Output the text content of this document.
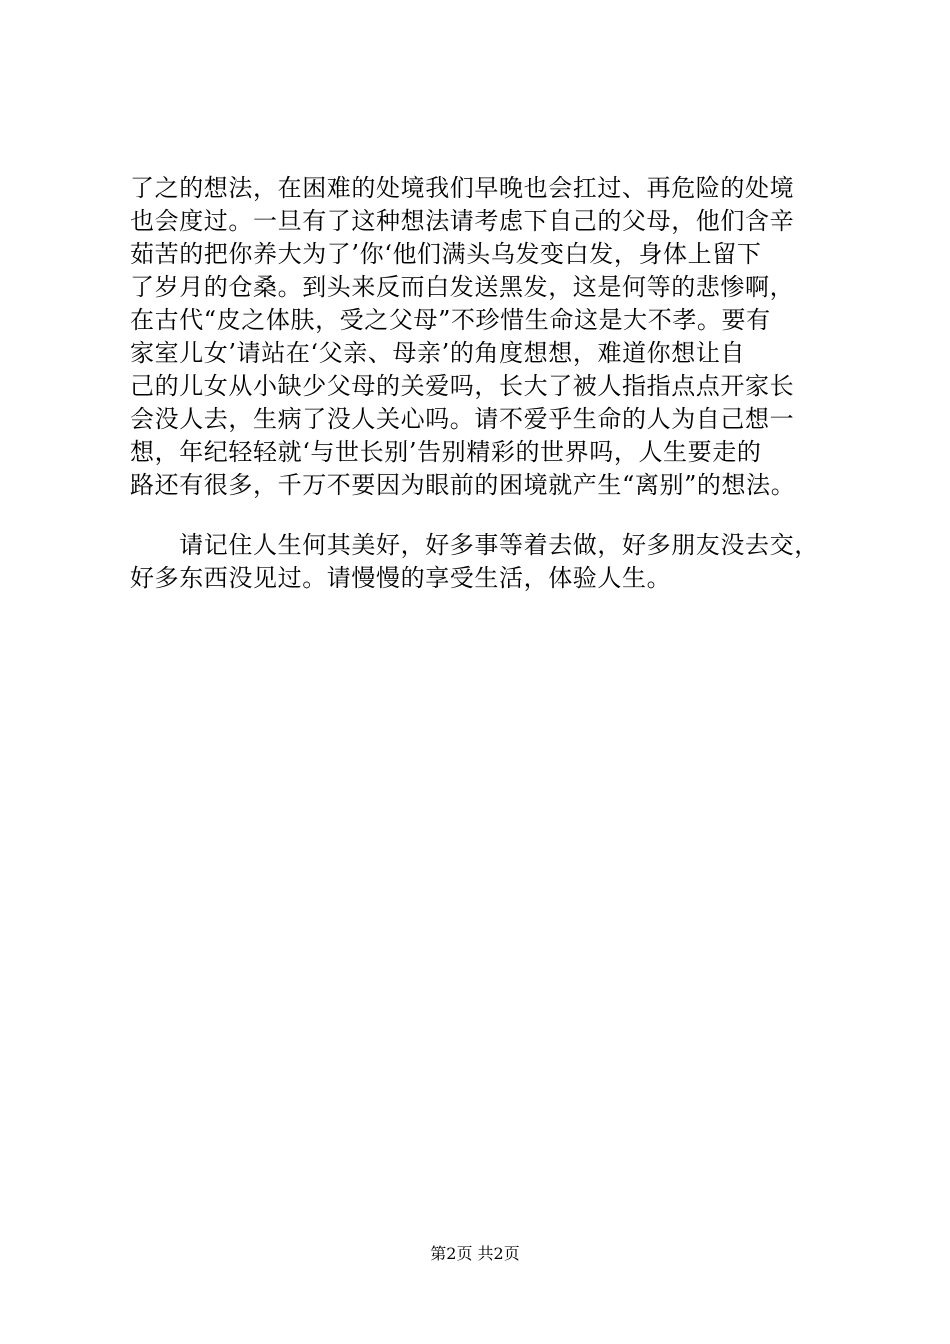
了之的想法，在困难的处境我们早晚也会扛过、再危险的处境
也会度过。一旦有了这种想法请考虑下自己的父母，他们含辛
茹苦的把你养大为了’你‘他们满头乌发变白发，身体上留下
了岁月的仓桑。到头来反而白发送黑发，这是何等的悲惨啊，
在古代“皮之体肤，受之父母”不珍惜生命这是大不孝。要有
家室儿女’请站在‘父亲、母亲’的角度想想，难道你想让自
己的儿女从小缺少父母的关爱吗，长大了被人指指点点开家长
会没人去，生病了没人关心吗。请不爱乎生命的人为自己想一
想，年纪轻轻就‘与世长别’告别精彩的世界吗，人生要走的
路还有很多，千万不要因为眼前的困境就产生“离别”的想法。
　　请记住人生何其美好，好多事等着去做，好多朋友没去交，
好多东西没见过。请慢慢的享受生活，体验人生。
第2页 共2页
